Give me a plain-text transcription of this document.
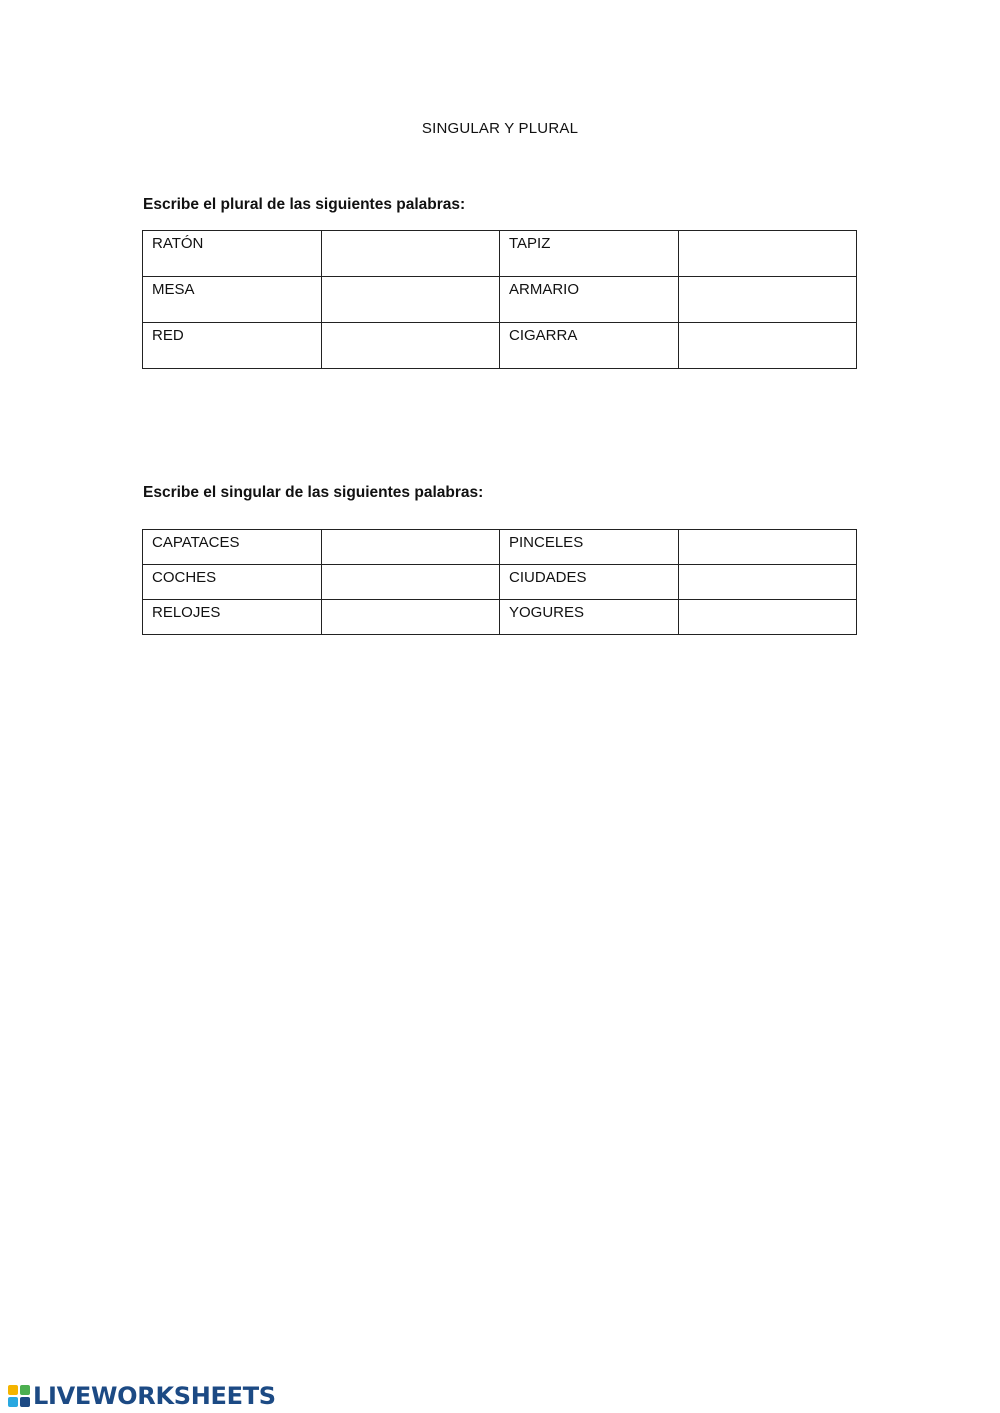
SINGULAR Y PLURAL
Escribe el plural de las siguientes palabras:
RATÓN		TAPIZ	
MESA		ARMARIO	
RED		CIGARRA	
Escribe el singular de las siguientes palabras:
CAPATACES		PINCELES	
COCHES		CIUDADES	
RELOJES		YOGURES	
LIVEWORKSHEETS
